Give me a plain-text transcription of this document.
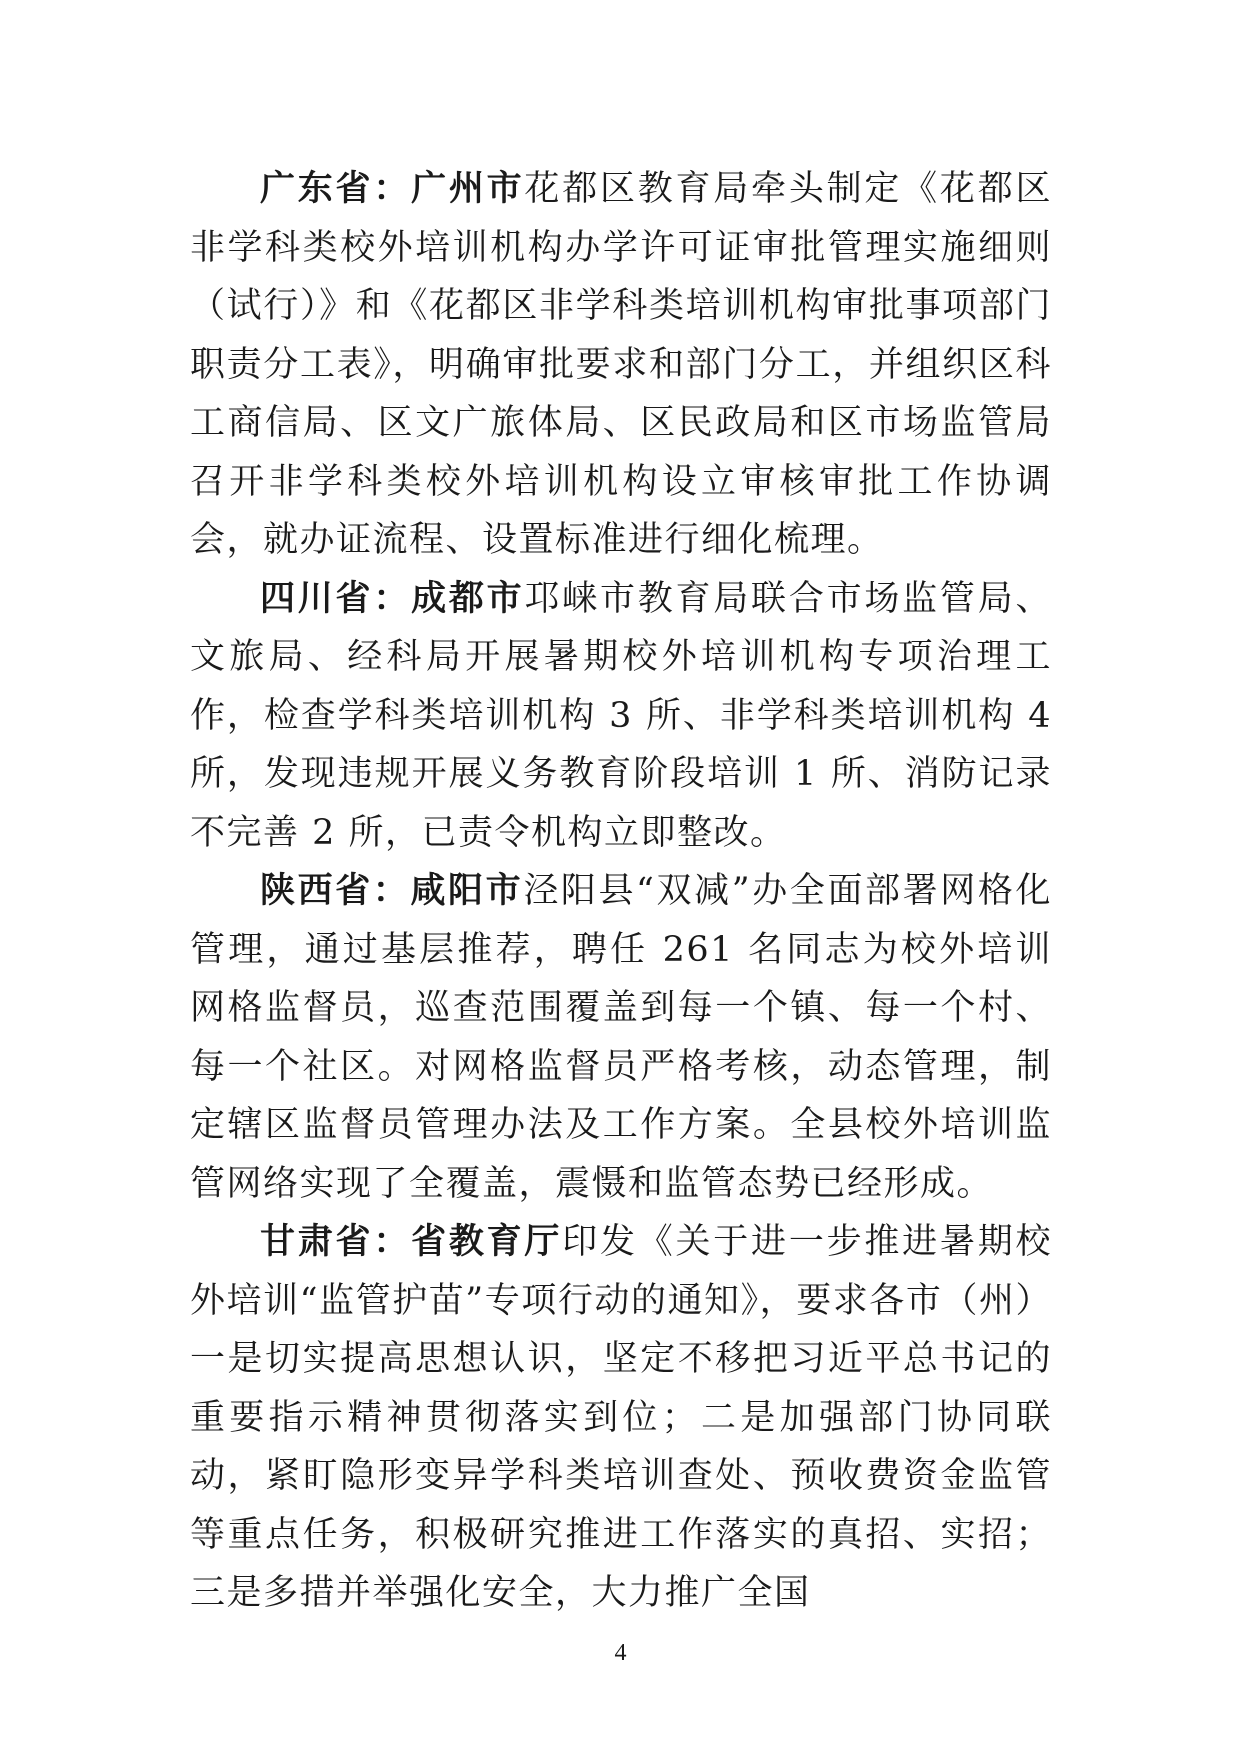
广东省：广州市花都区教育局牵头制定《花都区非学科类校外培训机构办学许可证审批管理实施细则（试行）》和《花都区非学科类培训机构审批事项部门职责分工表》，明确审批要求和部门分工，并组织区科工商信局、区文广旅体局、区民政局和区市场监管局召开非学科类校外培训机构设立审核审批工作协调会，就办证流程、设置标准进行细化梳理。

四川省：成都市邛崃市教育局联合市场监管局、文旅局、经科局开展暑期校外培训机构专项治理工作，检查学科类培训机构 3 所、非学科类培训机构 4 所，发现违规开展义务教育阶段培训 1 所、消防记录不完善 2 所，已责令机构立即整改。

陕西省：咸阳市泾阳县“双减”办全面部署网格化管理，通过基层推荐，聘任 261 名同志为校外培训网格监督员，巡查范围覆盖到每一个镇、每一个村、每一个社区。对网格监督员严格考核，动态管理，制定辖区监督员管理办法及工作方案。全县校外培训监管网络实现了全覆盖，震慑和监管态势已经形成。

甘肃省：省教育厅印发《关于进一步推进暑期校外培训“监管护苗”专项行动的通知》，要求各市（州）一是切实提高思想认识，坚定不移把习近平总书记的重要指示精神贯彻落实到位；二是加强部门协同联动，紧盯隐形变异学科类培训查处、预收费资金监管等重点任务，积极研究推进工作落实的真招、实招；三是多措并举强化安全，大力推广全国

4
